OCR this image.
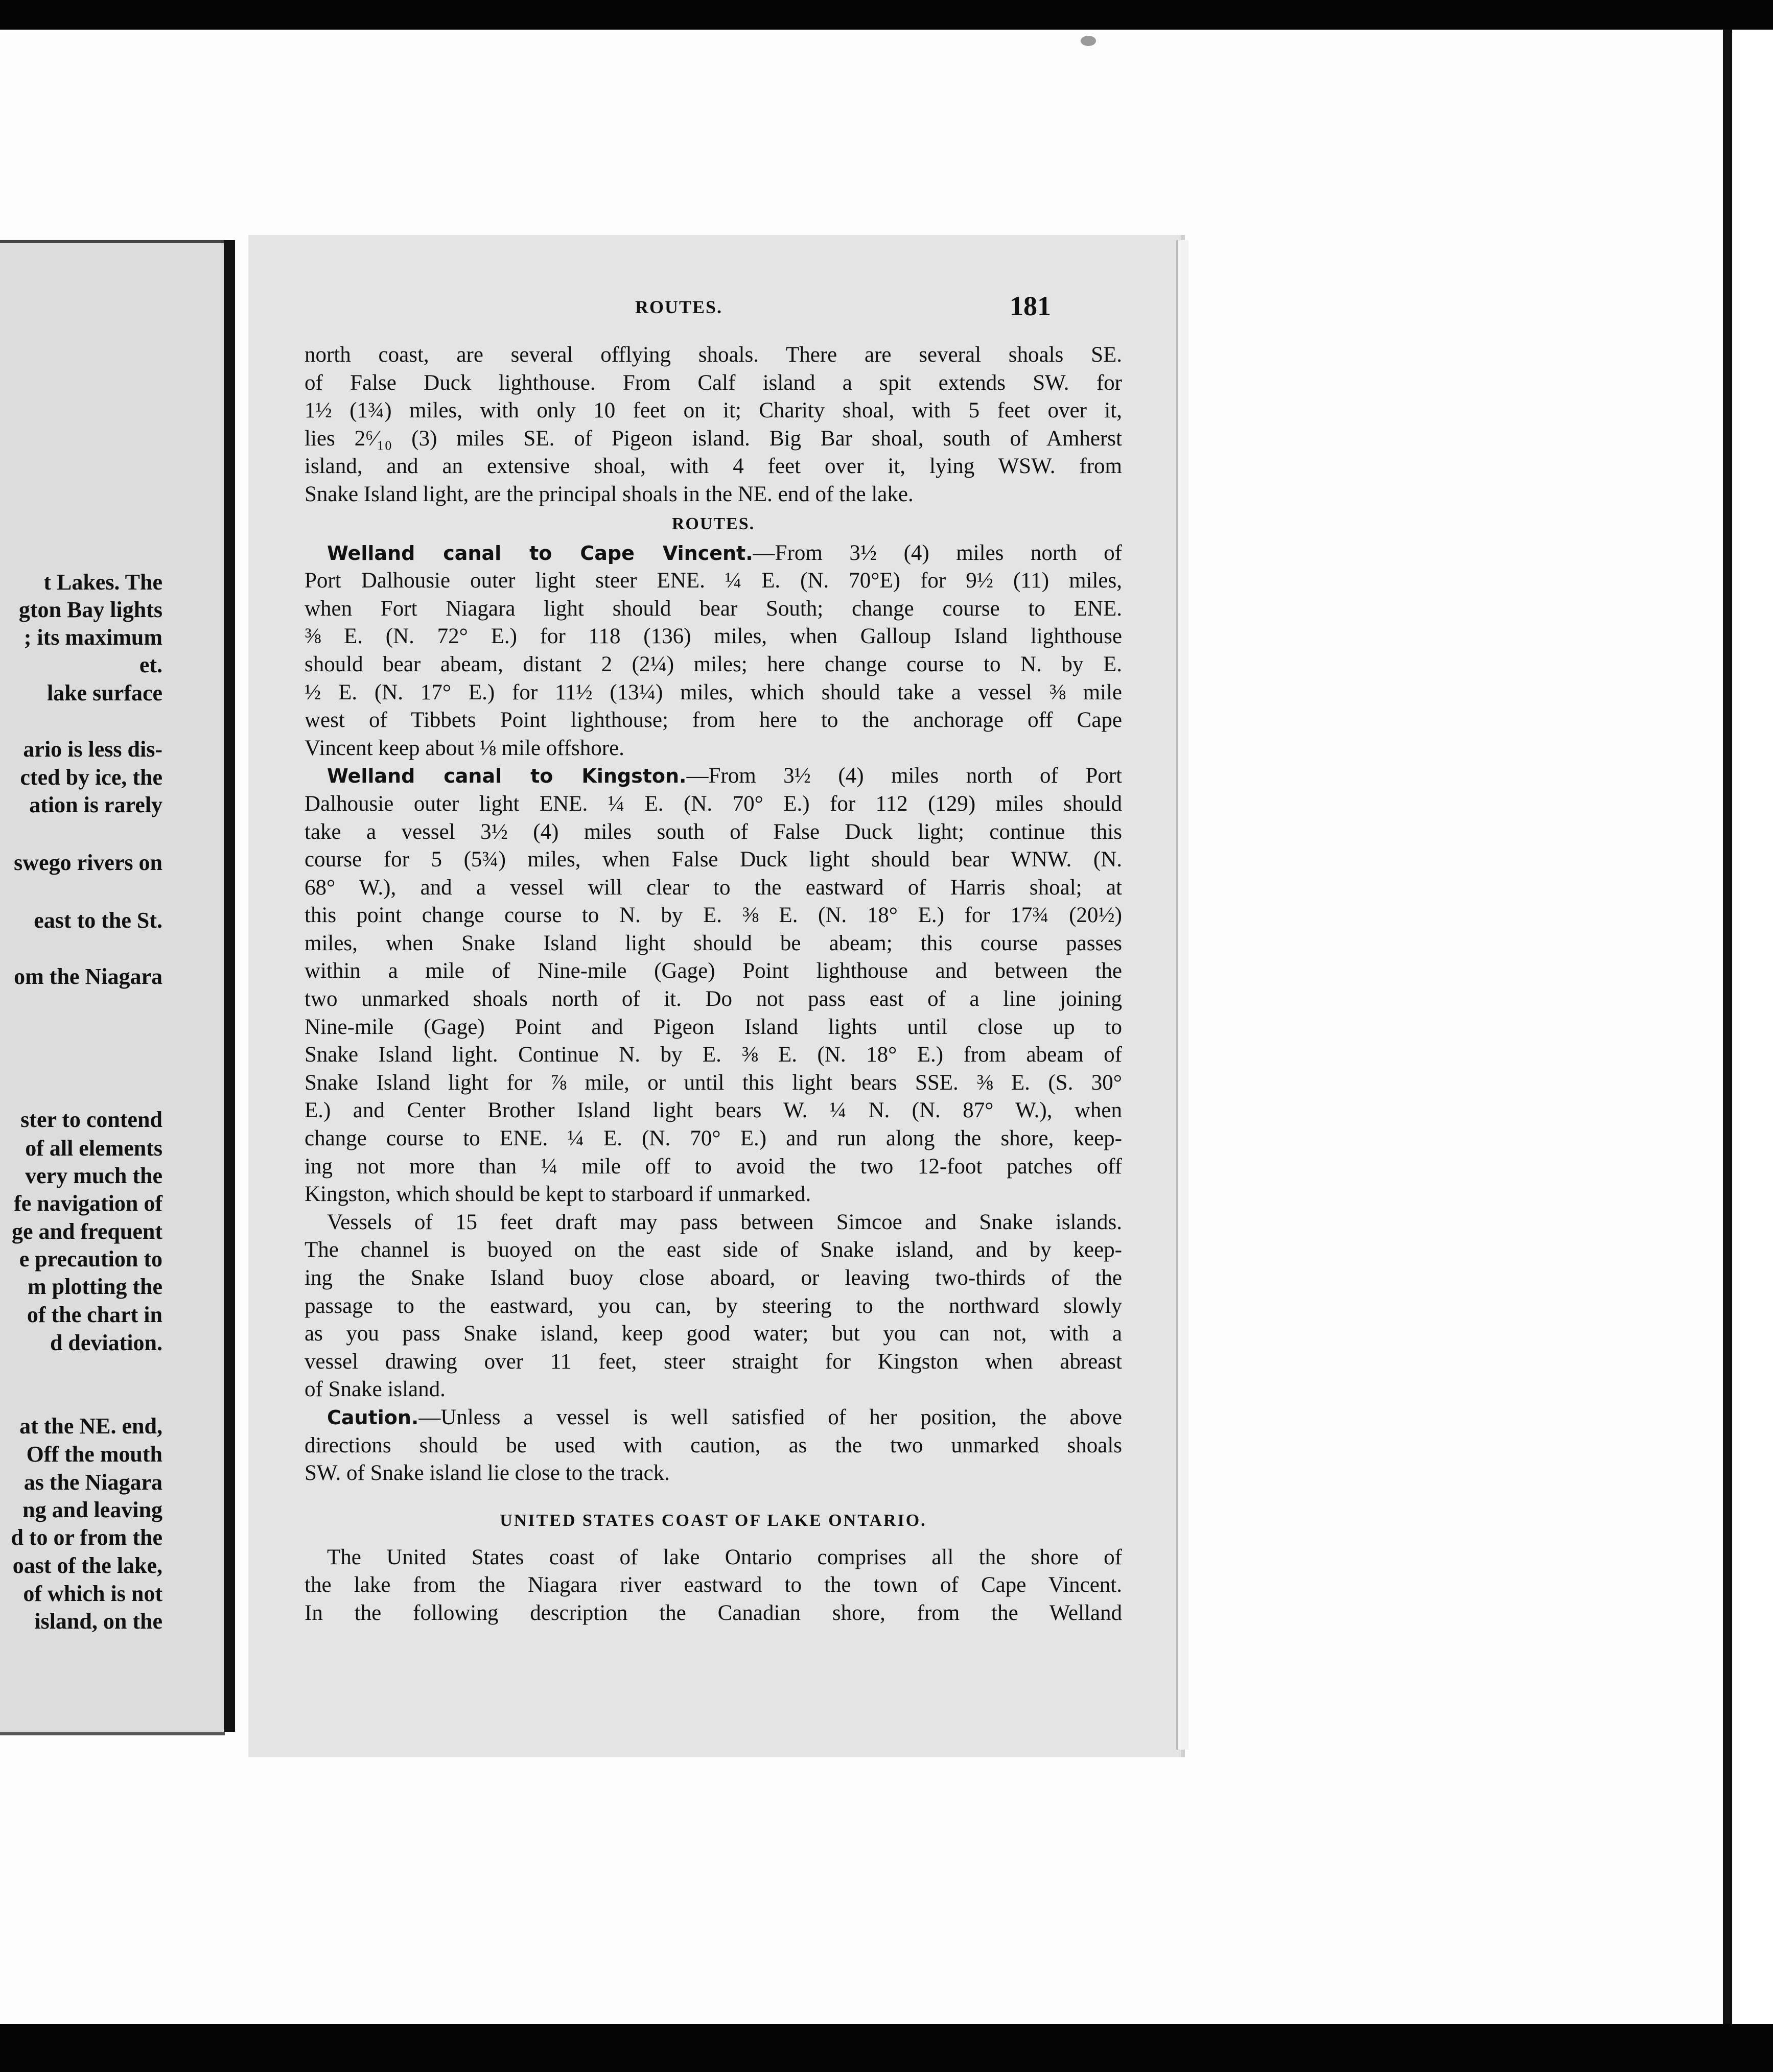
t Lakes. The
gton Bay lights
; its maximum
et.
lake surface
ario is less dis-
cted by ice, the
ation is rarely
swego rivers on
east to the St.
om the Niagara
ster to contend
of all elements
very much the
fe navigation of
ge and frequent
e precaution to
m plotting the
of the chart in
d deviation.
at the NE. end,
Off the mouth
as the Niagara
ng and leaving
d to or from the
oast of the lake,
of which is not
island, on the
ROUTES.	181
north coast, are several offlying shoals. There are several shoals SE.
of False Duck lighthouse. From Calf island a spit extends SW. for
1½ (1¾) miles, with only 10 feet on it; Charity shoal, with 5 feet over it,
lies 2⁶⁄₁₀ (3) miles SE. of Pigeon island. Big Bar shoal, south of Amherst
island, and an extensive shoal, with 4 feet over it, lying WSW. from
Snake Island light, are the principal shoals in the NE. end of the lake.
ROUTES.
Welland canal to Cape Vincent.—From 3½ (4) miles north of
Port Dalhousie outer light steer ENE. ¼ E. (N. 70°E) for 9½ (11) miles,
when Fort Niagara light should bear South; change course to ENE.
⅜ E. (N. 72° E.) for 118 (136) miles, when Galloup Island lighthouse
should bear abeam, distant 2 (2¼) miles; here change course to N. by E.
½ E. (N. 17° E.) for 11½ (13¼) miles, which should take a vessel ⅜ mile
west of Tibbets Point lighthouse; from here to the anchorage off Cape
Vincent keep about ⅛ mile offshore.
Welland canal to Kingston.—From 3½ (4) miles north of Port
Dalhousie outer light ENE. ¼ E. (N. 70° E.) for 112 (129) miles should
take a vessel 3½ (4) miles south of False Duck light; continue this
course for 5 (5¾) miles, when False Duck light should bear WNW. (N.
68° W.), and a vessel will clear to the eastward of Harris shoal; at
this point change course to N. by E. ⅜ E. (N. 18° E.) for 17¾ (20½)
miles, when Snake Island light should be abeam; this course passes
within a mile of Nine-mile (Gage) Point lighthouse and between the
two unmarked shoals north of it. Do not pass east of a line joining
Nine-mile (Gage) Point and Pigeon Island lights until close up to
Snake Island light. Continue N. by E. ⅜ E. (N. 18° E.) from abeam of
Snake Island light for ⅞ mile, or until this light bears SSE. ⅜ E. (S. 30°
E.) and Center Brother Island light bears W. ¼ N. (N. 87° W.), when
change course to ENE. ¼ E. (N. 70° E.) and run along the shore, keep-
ing not more than ¼ mile off to avoid the two 12-foot patches off
Kingston, which should be kept to starboard if unmarked.
Vessels of 15 feet draft may pass between Simcoe and Snake islands.
The channel is buoyed on the east side of Snake island, and by keep-
ing the Snake Island buoy close aboard, or leaving two-thirds of the
passage to the eastward, you can, by steering to the northward slowly
as you pass Snake island, keep good water; but you can not, with a
vessel drawing over 11 feet, steer straight for Kingston when abreast
of Snake island.
Caution.—Unless a vessel is well satisfied of her position, the above
directions should be used with caution, as the two unmarked shoals
SW. of Snake island lie close to the track.
UNITED STATES COAST OF LAKE ONTARIO.
The United States coast of lake Ontario comprises all the shore of
the lake from the Niagara river eastward to the town of Cape Vincent.
In the following description the Canadian shore, from the Welland
